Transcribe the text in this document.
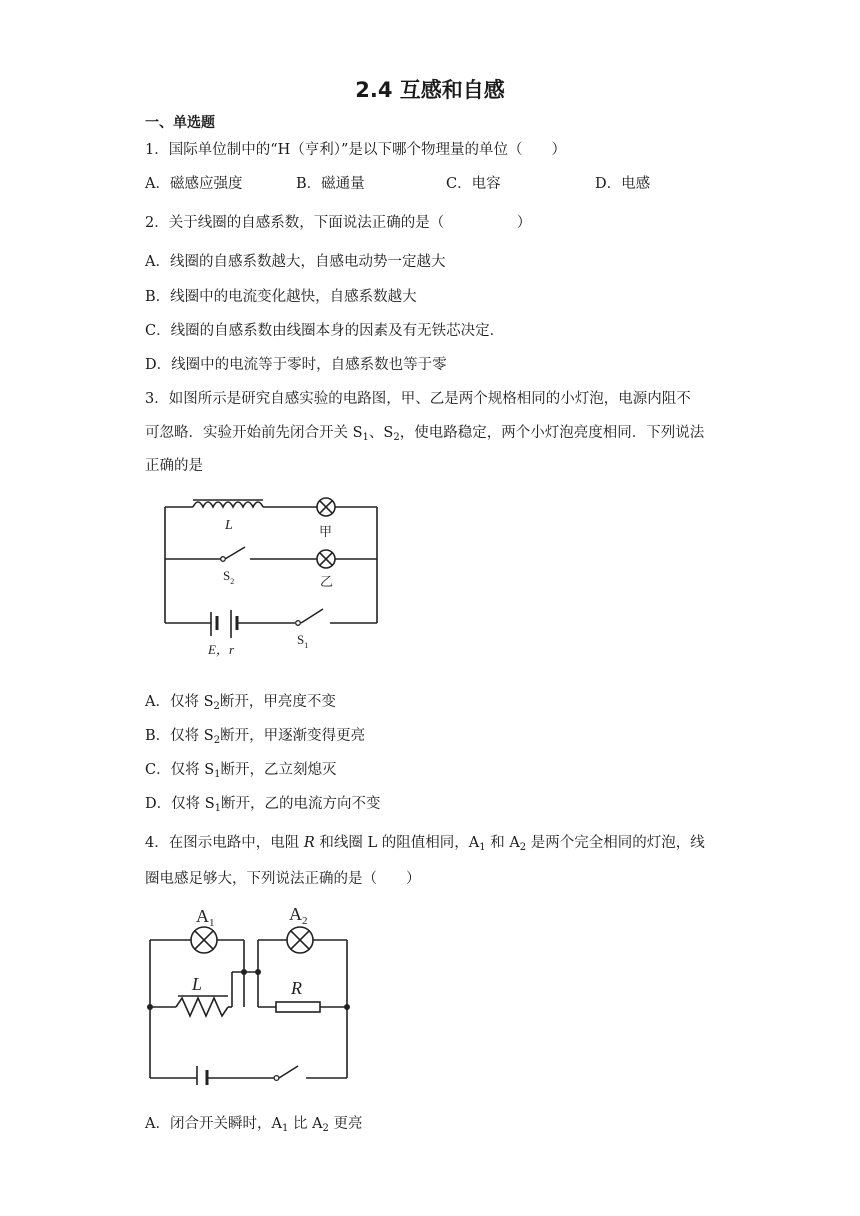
2.4 互感和自感
一、单选题
1．国际单位制中的“H（亨利）”是以下哪个物理量的单位（　　）
A．磁感应强度	B．磁通量	C．电容	D．电感
2．关于线圈的自感系数，下面说法正确的是（　　　　　）
A．线圈的自感系数越大，自感电动势一定越大
B．线圈中的电流变化越快，自感系数越大
C．线圈的自感系数由线圈本身的因素及有无铁芯决定．
D．线圈中的电流等于零时，自感系数也等于零
3．如图所示是研究自感实验的电路图，甲、乙是两个规格相同的小灯泡，电源内阻不
可忽略．实验开始前先闭合开关 $S_1$、$S_2$，使电路稳定，两个小灯泡亮度相同．下列说法
正确的是
L	甲
乙
$S_2$
$S_1$
E，r
A．仅将 $S_2$断开，甲亮度不变
B．仅将 $S_2$断开，甲逐渐变得更亮
C．仅将 $S_1$断开，乙立刻熄灭
D．仅将 $S_1$断开，乙的电流方向不变
4．在图示电路中，电阻 R 和线圈 L 的阻值相同，$A_1$ 和 $A_2$ 是两个完全相同的灯泡，线
圈电感足够大，下列说法正确的是（　　）
$A_1$	$A_2$
L	R
A．闭合开关瞬时，$A_1$ 比 $A_2$ 更亮
